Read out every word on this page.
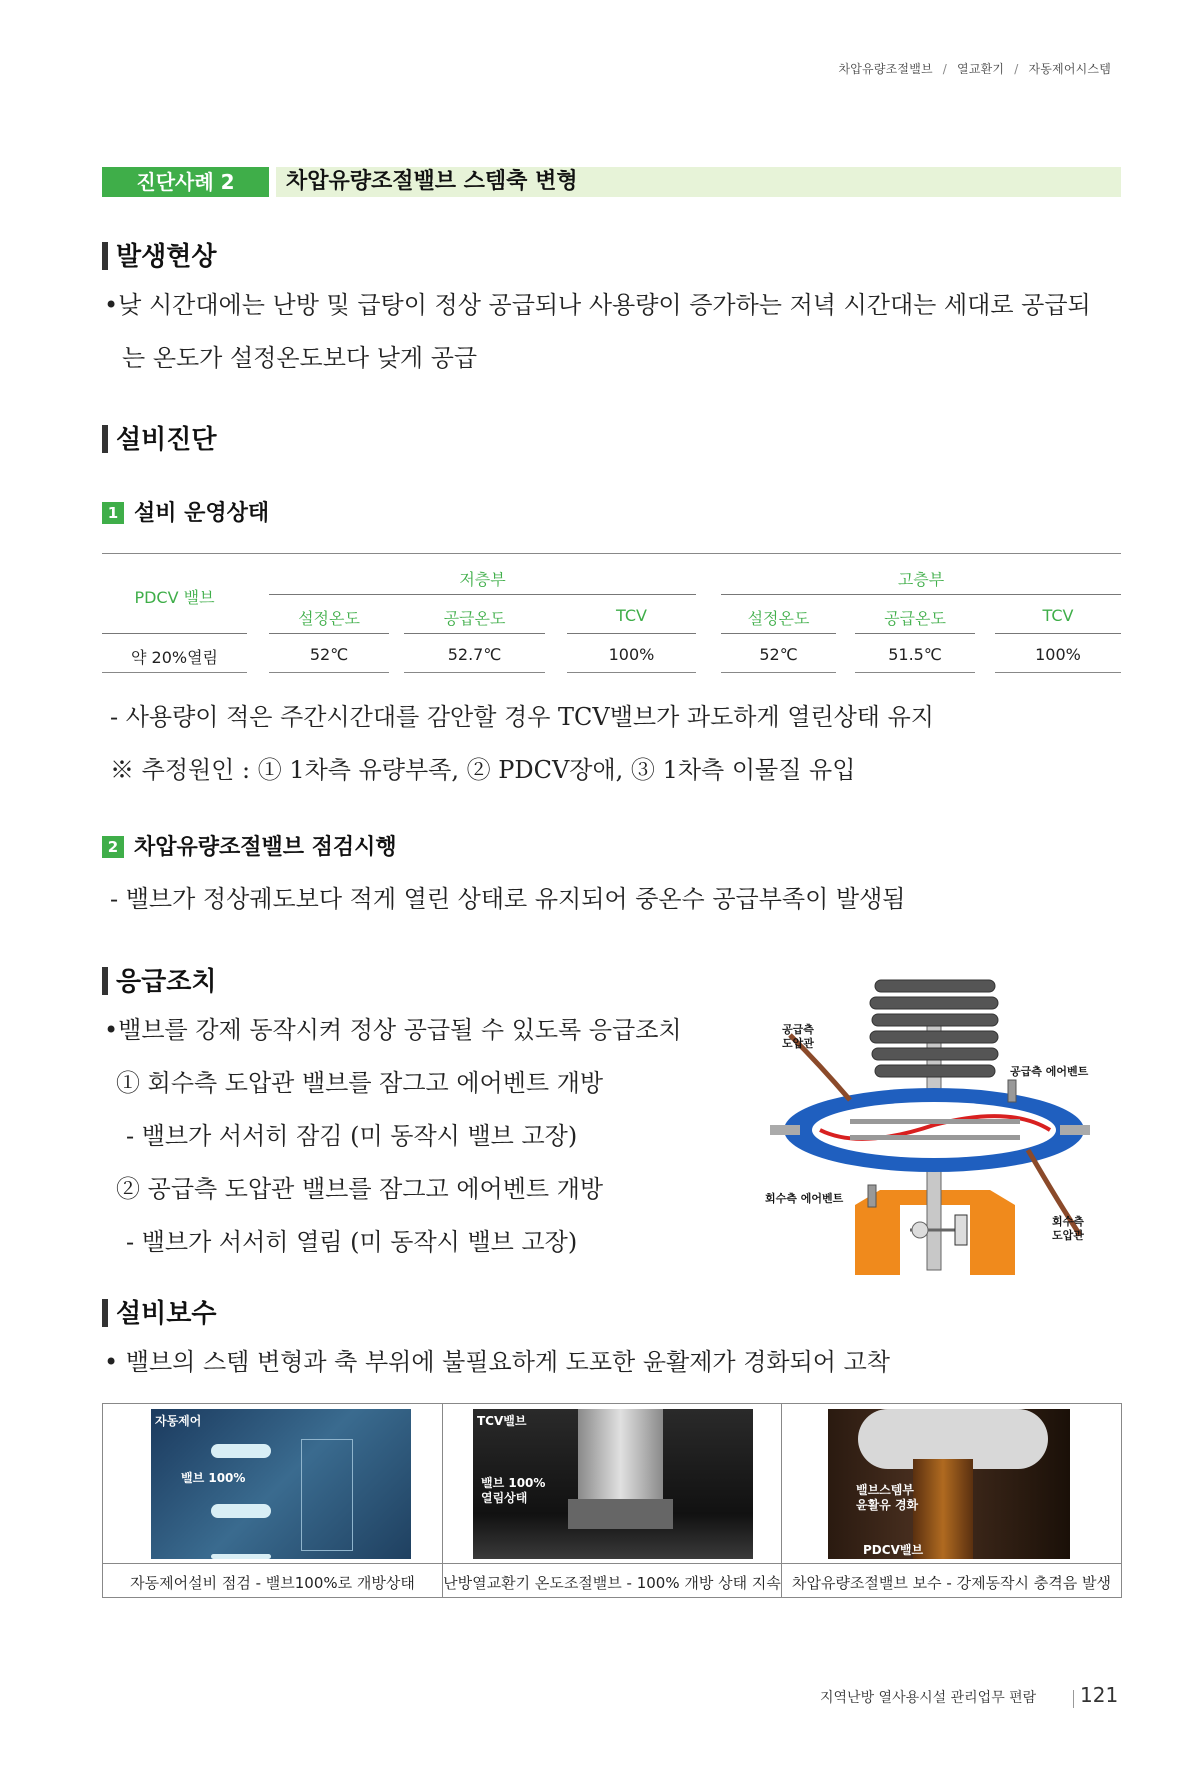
차압유량조절밸브 / 열교환기 / 자동제어시스템
진단사례 2	차압유량조절밸브 스템축 변형
발생현상
•낮 시간대에는 난방 및 급탕이 정상 공급되나 사용량이 증가하는 저녁 시간대는 세대로 공급되
는 온도가 설정온도보다 낮게 공급
설비진단
1 설비 운영상태
PDCV 밸브
저층부	고층부
설정온도	공급온도	TCV	설정온도	공급온도	TCV
약 20%열림	52℃	52.7℃	100%	52℃	51.5℃	100%
- 사용량이 적은 주간시간대를 감안할 경우 TCV밸브가 과도하게 열린상태 유지
※ 추정원인 : ① 1차측 유량부족, ② PDCV장애, ③ 1차측 이물질 유입
2 차압유량조절밸브 점검시행
- 밸브가 정상궤도보다 적게 열린 상태로 유지되어 중온수 공급부족이 발생됨
응급조치
•밸브를 강제 동작시켜 정상 공급될 수 있도록 응급조치
① 회수측 도압관 밸브를 잠그고 에어벤트 개방
- 밸브가 서서히 잠김 (미 동작시 밸브 고장)
② 공급측 도압관 밸브를 잠그고 에어벤트 개방
- 밸브가 서서히 열림 (미 동작시 밸브 고장)
공급측
도압관
공급측 에어벤트
회수측 에어벤트
회수측
도압관
설비보수
• 밸브의 스템 변형과 축 부위에 불필요하게 도포한 윤활제가 경화되어 고착
자동제어
밸브 100%
자동제어설비 점검 - 밸브100%로 개방상태
TCV밸브
밸브 100%
열림상태
난방열교환기 온도조절밸브 - 100% 개방 상태 지속
밸브스템부
윤활유 경화
PDCV밸브
차압유량조절밸브 보수 - 강제동작시 충격음 발생
지역난방 열사용시설 관리업무 편람 121
